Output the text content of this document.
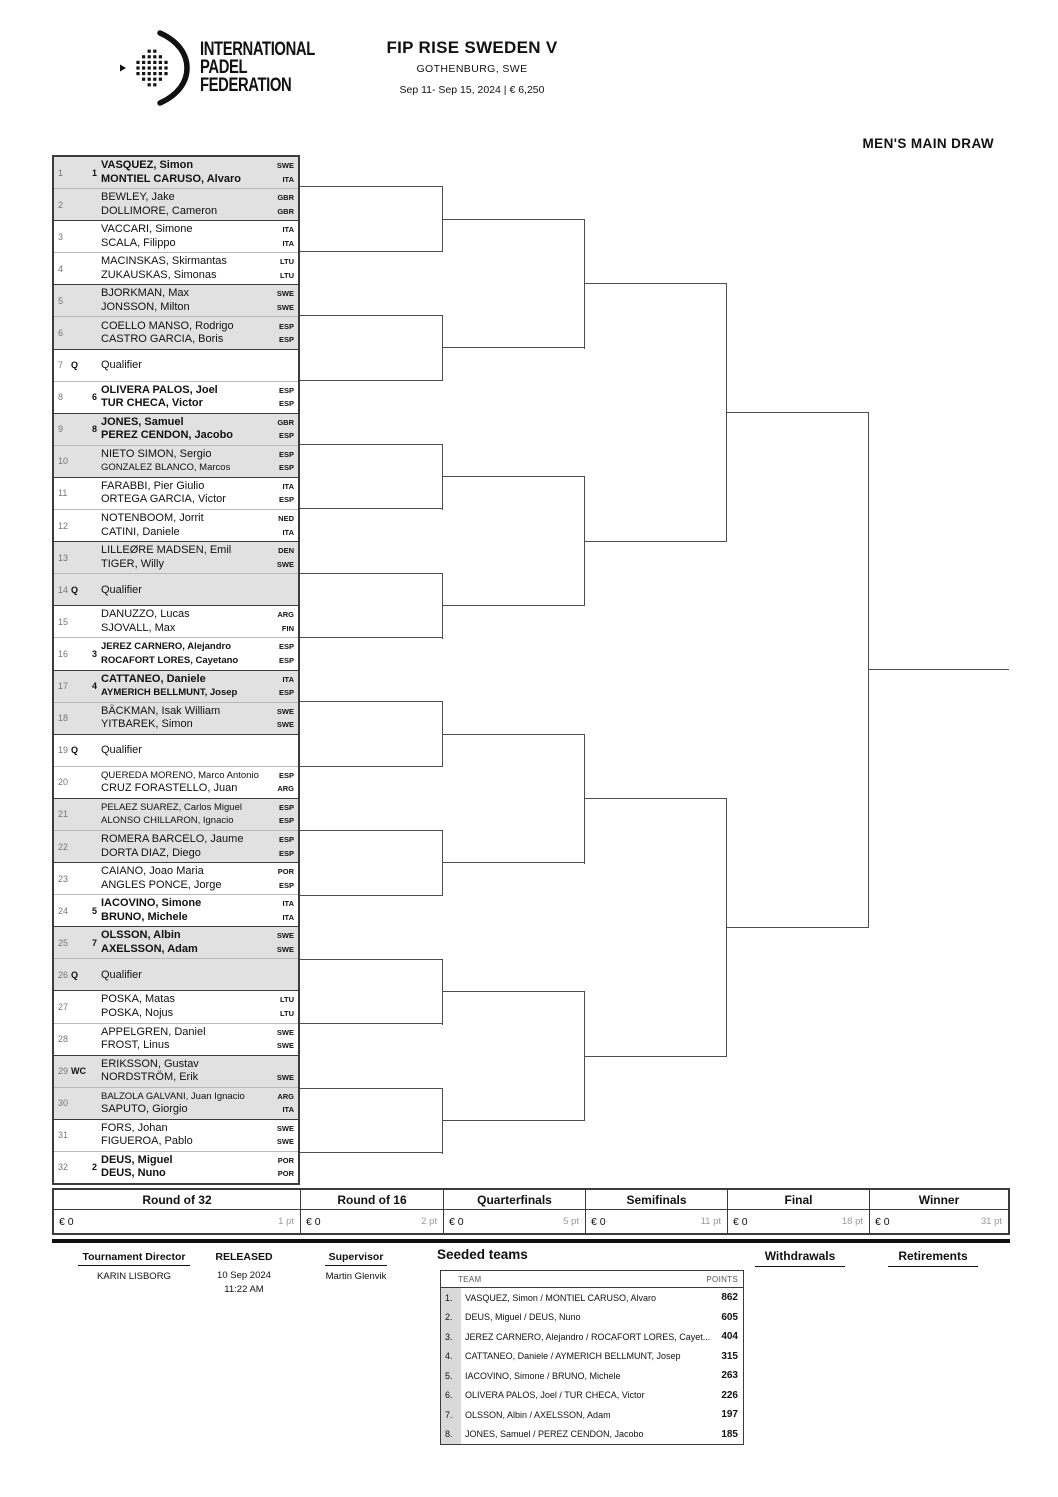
INTERNATIONAL
PADEL
FEDERATION
FIP RISE SWEDEN V
GOTHENBURG, SWE
Sep 11- Sep 15, 2024 | € 6,250
MEN'S MAIN DRAW
1	1
VASQUEZ, Simon	SWE
MONTIEL CARUSO, Alvaro	ITA
2
BEWLEY, Jake	GBR
DOLLIMORE, Cameron	GBR
3
VACCARI, Simone	ITA
SCALA, Filippo	ITA
4
MACINSKAS, Skirmantas	LTU
ZUKAUSKAS, Simonas	LTU
5
BJORKMAN, Max	SWE
JONSSON, Milton	SWE
6
COELLO MANSO, Rodrigo	ESP
CASTRO GARCIA, Boris	ESP
7 Q	Qualifier
8	6
OLIVERA PALOS, Joel	ESP
TUR CHECA, Victor	ESP
9	8
JONES, Samuel	GBR
PEREZ CENDON, Jacobo	ESP
10
NIETO SIMON, Sergio	ESP
GONZALEZ BLANCO, Marcos	ESP
11
FARABBI, Pier Giulio	ITA
ORTEGA GARCIA, Victor	ESP
12
NOTENBOOM, Jorrit	NED
CATINI, Daniele	ITA
13
LILLEØRE MADSEN, Emil	DEN
TIGER, Willy	SWE
14 Q	Qualifier
15
DANUZZO, Lucas	ARG
SJOVALL, Max	FIN
16	3
JEREZ CARNERO, Alejandro	ESP
ROCAFORT LORES, Cayetano	ESP
17	4
CATTANEO, Daniele	ITA
AYMERICH BELLMUNT, Josep	ESP
18
BÄCKMAN, Isak William	SWE
YITBAREK, Simon	SWE
19 Q	Qualifier
20
QUEREDA MORENO, Marco Antonio	ESP
CRUZ FORASTELLO, Juan	ARG
21
PELAEZ SUAREZ, Carlos Miguel	ESP
ALONSO CHILLARON, Ignacio	ESP
22
ROMERA BARCELO, Jaume	ESP
DORTA DIAZ, Diego	ESP
23
CAIANO, Joao Maria	POR
ANGLES PONCE, Jorge	ESP
24	5
IACOVINO, Simone	ITA
BRUNO, Michele	ITA
25	7
OLSSON, Albin	SWE
AXELSSON, Adam	SWE
26 Q	Qualifier
27
POSKA, Matas	LTU
POSKA, Nojus	LTU
28
APPELGREN, Daniel	SWE
FROST, Linus	SWE
29 WC
ERIKSSON, Gustav
NORDSTRÖM, Erik	SWE
30
BALZOLA GALVANI, Juan Ignacio	ARG
SAPUTO, Giorgio	ITA
31
FORS, Johan	SWE
FIGUEROA, Pablo	SWE
32	2
DEUS, Miguel	POR
DEUS, Nuno	POR
Round of 32
€ 0	1 pt
Round of 16
€ 0	2 pt
Quarterfinals
€ 0	5 pt
Semifinals
€ 0	11 pt
Final
€ 0	18 pt
Winner
€ 0	31 pt
Tournament Director
KARIN LISBORG
RELEASED
10 Sep 2024
11:22 AM
Supervisor
Martin Glenvik
Seeded teams
TEAM	POINTS
1.	VASQUEZ, Simon / MONTIEL CARUSO, Alvaro	862
2.	DEUS, Miguel / DEUS, Nuno	605
3.	JEREZ CARNERO, Alejandro / ROCAFORT LORES, Cayet...	404
4.	CATTANEO, Daniele / AYMERICH BELLMUNT, Josep	315
5.	IACOVINO, Simone / BRUNO, Michele	263
6.	OLIVERA PALOS, Joel / TUR CHECA, Victor	226
7.	OLSSON, Albin / AXELSSON, Adam	197
8.	JONES, Samuel / PEREZ CENDON, Jacobo	185
Withdrawals	Retirements
